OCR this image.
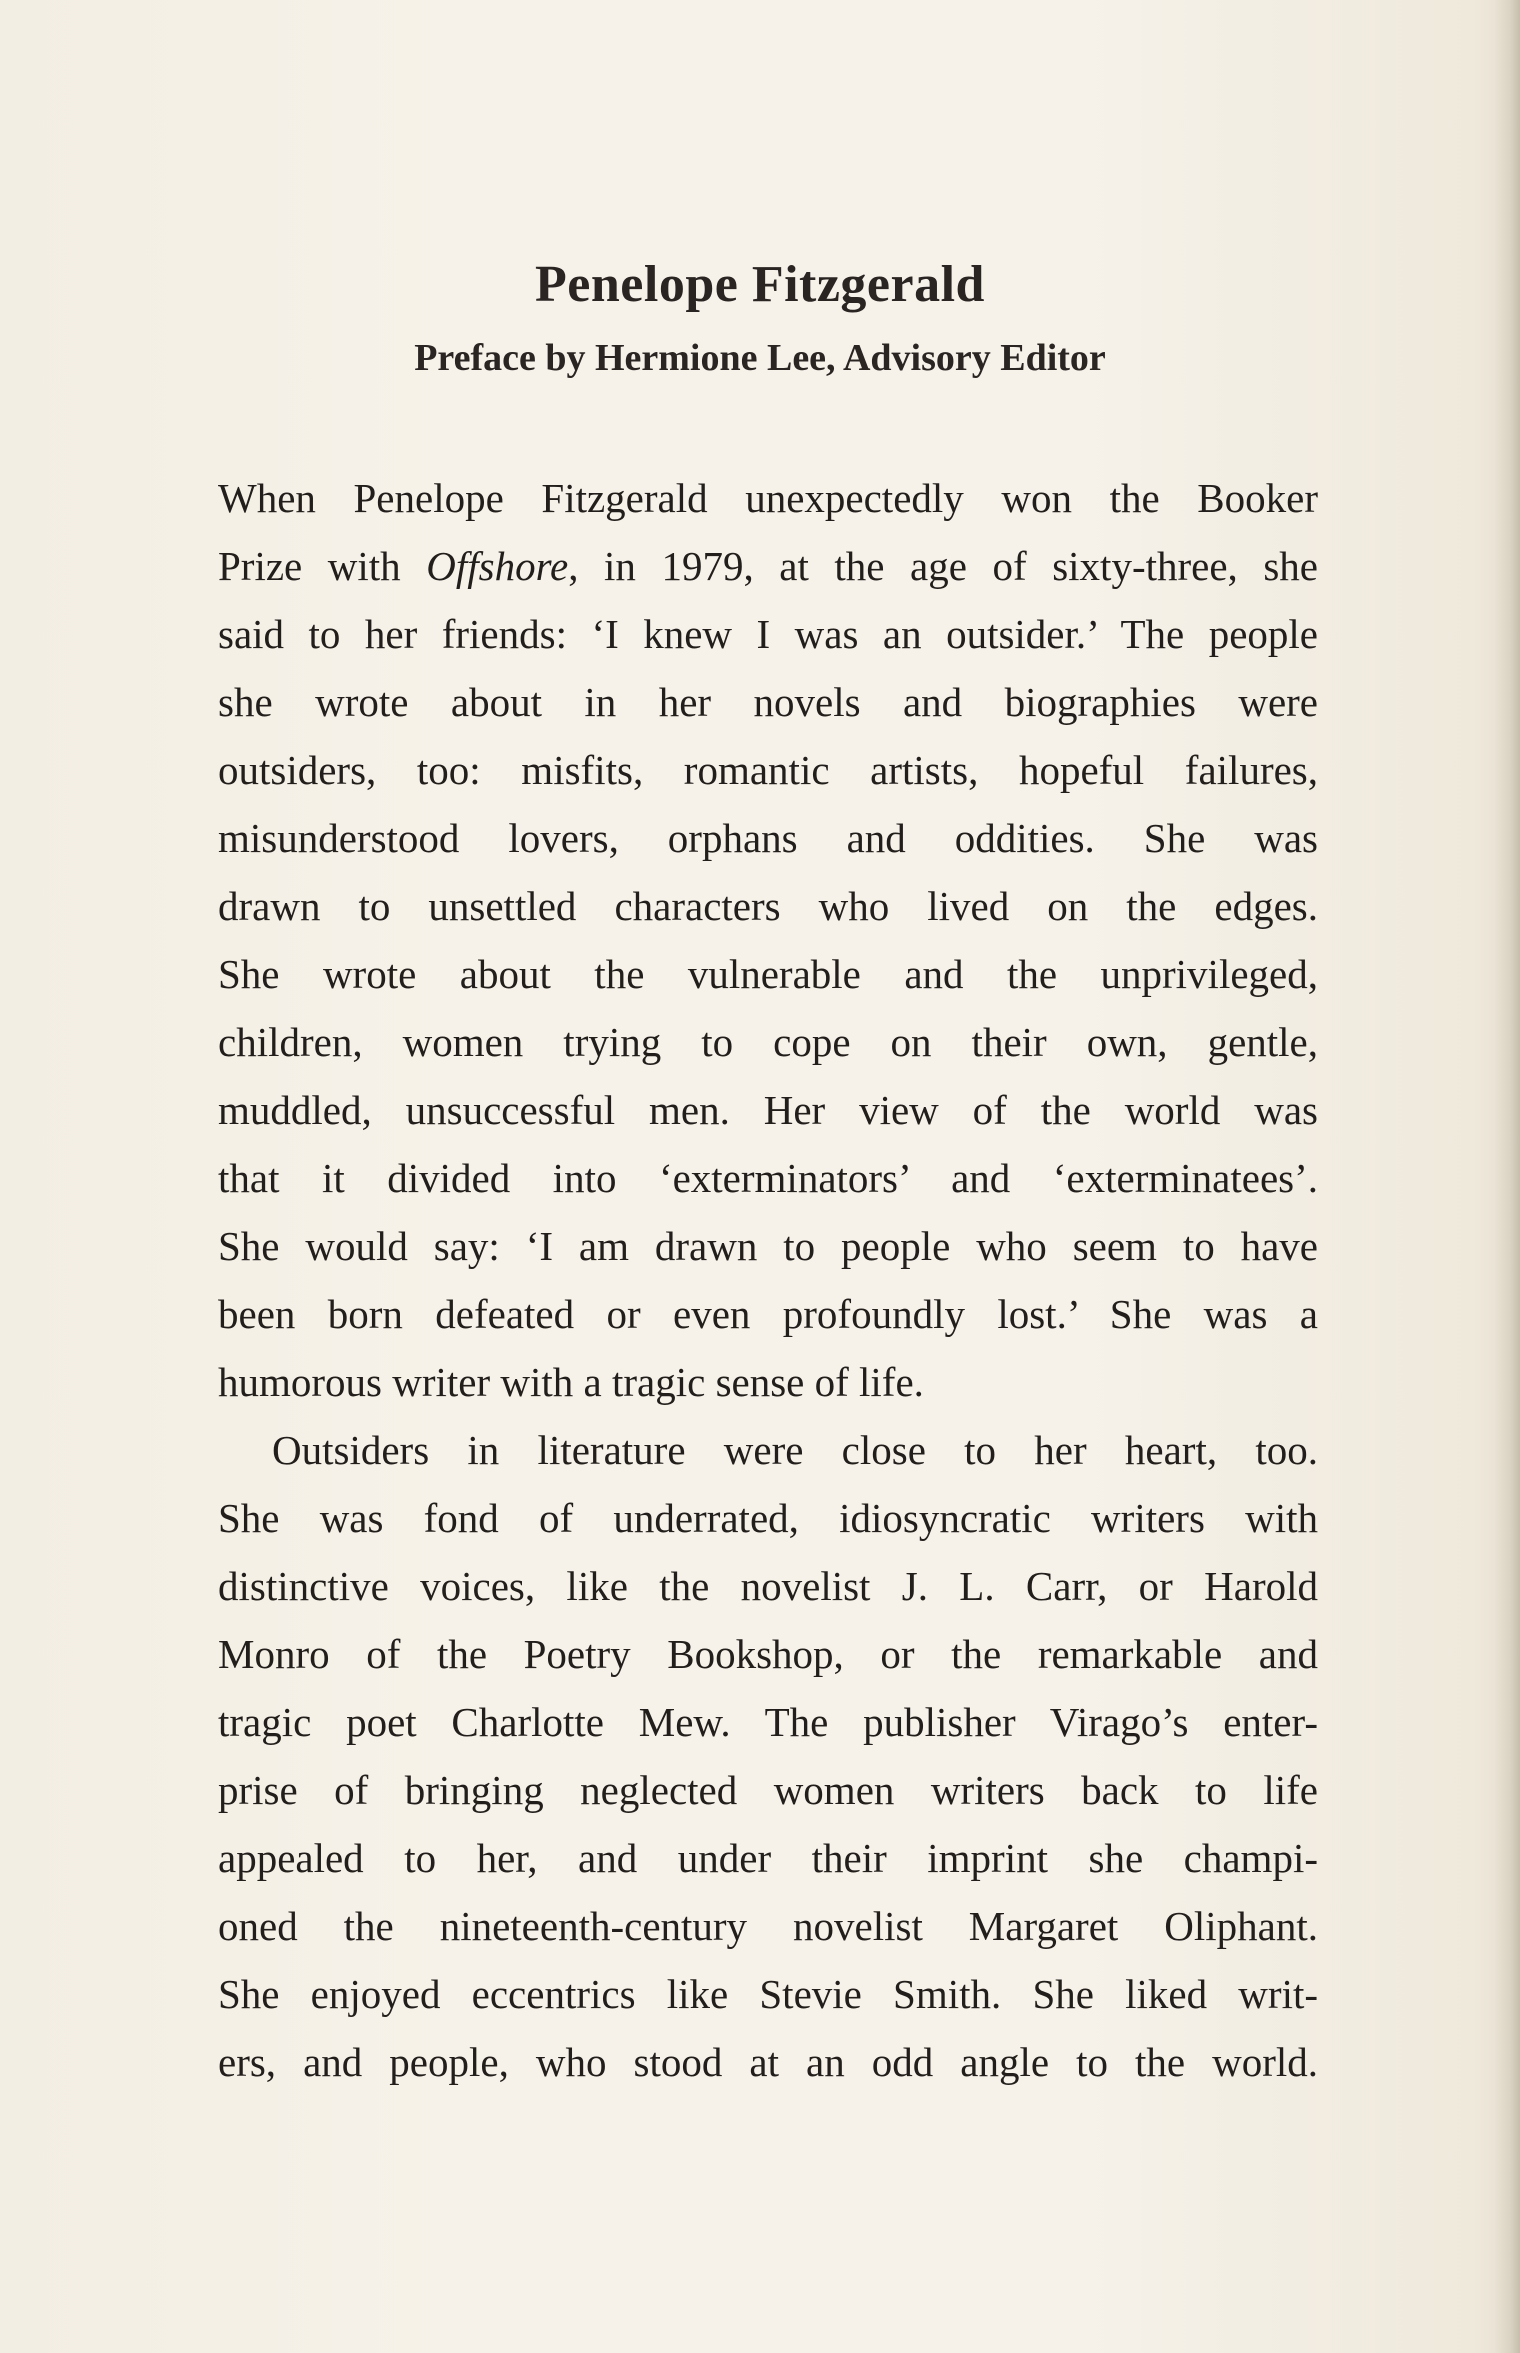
Penelope Fitzgerald
Preface by Hermione Lee, Advisory Editor

When Penelope Fitzgerald unexpectedly won the Booker
Prize with Offshore, in 1979, at the age of sixty-three, she
said to her friends: ‘I knew I was an outsider.’ The people
she wrote about in her novels and biographies were
outsiders, too: misfits, romantic artists, hopeful failures,
misunderstood lovers, orphans and oddities. She was
drawn to unsettled characters who lived on the edges.
She wrote about the vulnerable and the unprivileged,
children, women trying to cope on their own, gentle,
muddled, unsuccessful men. Her view of the world was
that it divided into ‘exterminators’ and ‘exterminatees’.
She would say: ‘I am drawn to people who seem to have
been born defeated or even profoundly lost.’ She was a
humorous writer with a tragic sense of life.

Outsiders in literature were close to her heart, too.
She was fond of underrated, idiosyncratic writers with
distinctive voices, like the novelist J. L. Carr, or Harold
Monro of the Poetry Bookshop, or the remarkable and
tragic poet Charlotte Mew. The publisher Virago’s enter-
prise of bringing neglected women writers back to life
appealed to her, and under their imprint she champi-
oned the nineteenth-century novelist Margaret Oliphant.
She enjoyed eccentrics like Stevie Smith. She liked writ-
ers, and people, who stood at an odd angle to the world.
